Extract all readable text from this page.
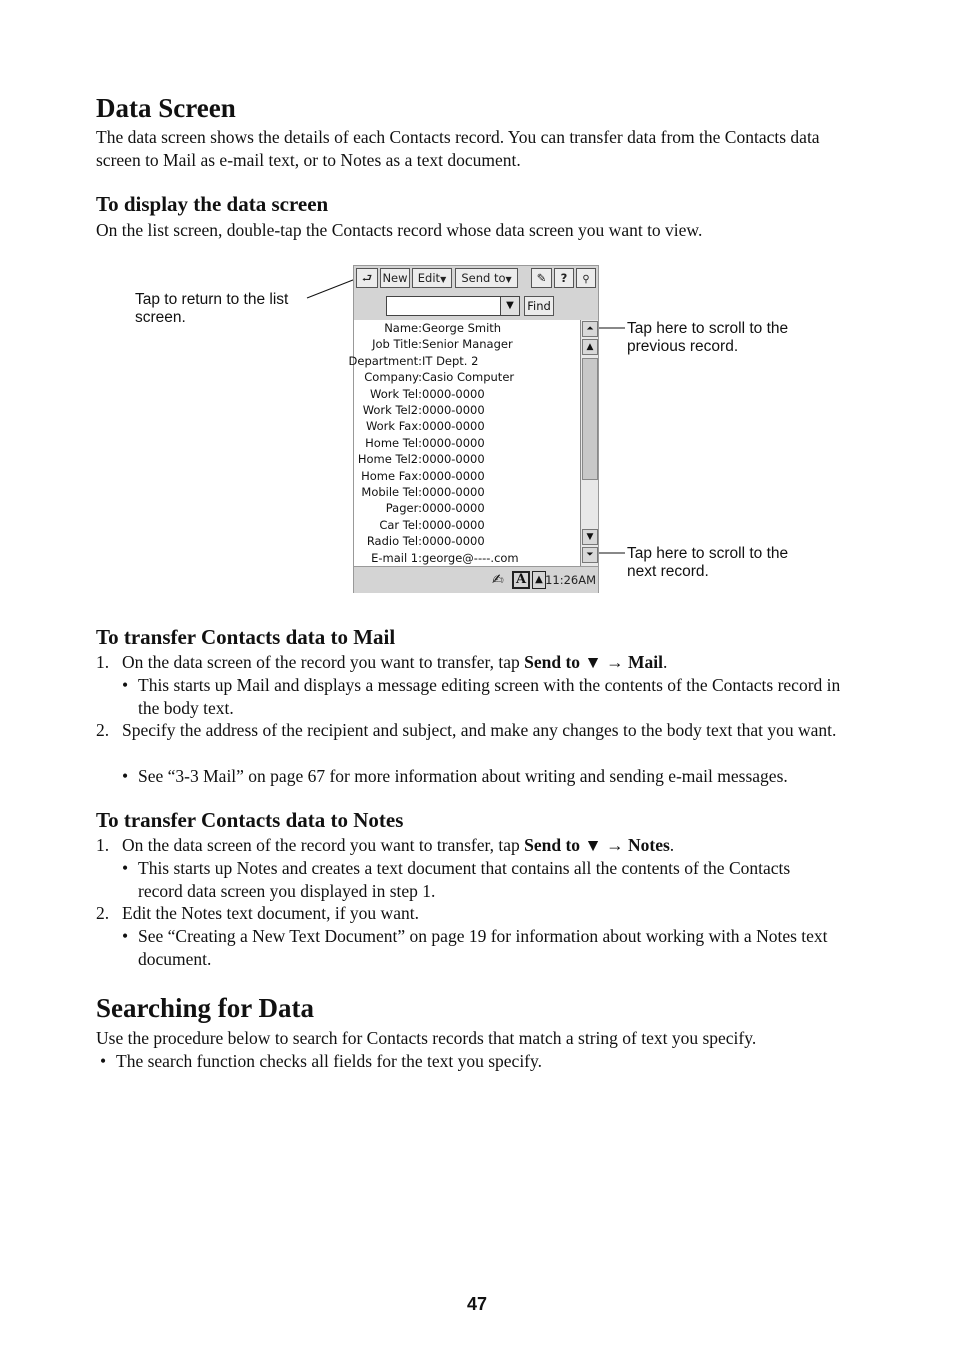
Data Screen

The data screen shows the details of each Contacts record. You can transfer data from the Contacts data screen to Mail as e-mail text, or to Notes as a text document.

To display the data screen

On the list screen, double-tap the Contacts record whose data screen you want to view.

Tap to return to the list screen.
Tap here to scroll to the previous record.
Tap here to scroll to the next record.
⮐ New Edit▼	Send to▼	✎	?	⚲
▼	Find
Name: George Smith
Job Title: Senior Manager
Department: IT Dept. 2
Company: Casio Computer
Work Tel: 0000-0000
Work Tel2: 0000-0000
Work Fax: 0000-0000
Home Tel: 0000-0000
Home Tel2: 0000-0000
Home Fax: 0000-0000
Mobile Tel: 0000-0000
Pager: 0000-0000
Car Tel: 0000-0000
Radio Tel: 0000-0000
E-mail 1: george@----.com
⏶
▲
▼
⏷
✍ A ▲ 11:26AM
To transfer Contacts data to Mail
1. On the data screen of the record you want to transfer, tap Send to ▼ → Mail.
• This starts up Mail and displays a message editing screen with the contents of the Contacts record in the body text.
2. Specify the address of the recipient and subject, and make any changes to the body text that you want.
• See “3-3 Mail” on page 67 for more information about writing and sending e-mail messages.
To transfer Contacts data to Notes
1. On the data screen of the record you want to transfer, tap Send to ▼ → Notes.
• This starts up Notes and creates a text document that contains all the contents of the Contacts record data screen you displayed in step 1.
2. Edit the Notes text document, if you want.
• See “Creating a New Text Document” on page 19 for information about working with a Notes text document.
Searching for Data

Use the procedure below to search for Contacts records that match a string of text you specify.

• The search function checks all fields for the text you specify.
47
